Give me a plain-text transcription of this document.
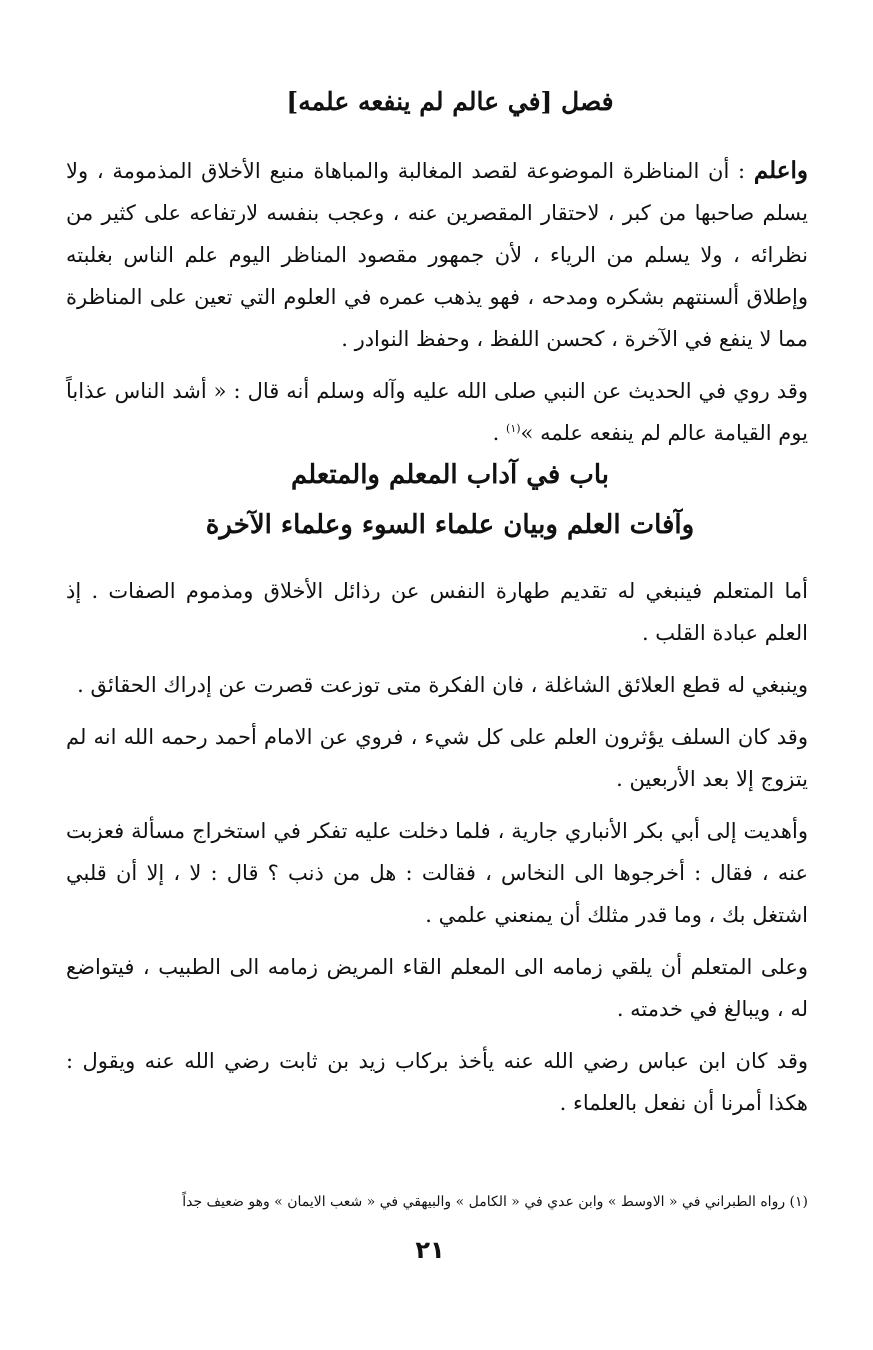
فصل [في عالم لم ينفعه علمه]

واعلم : أن المناظرة الموضوعة لقصد المغالبة والمباهاة منبع الأخلاق المذمومة ، ولا يسلم صاحبها من كبر ، لاحتقار المقصرين عنه ، وعجب بنفسه لارتفاعه على كثير من نظرائه ، ولا يسلم من الرياء ، لأن جمهور مقصود المناظر اليوم علم الناس بغلبته وإطلاق ألسنتهم بشكره ومدحه ، فهو يذهب عمره في العلوم التي تعين على المناظرة مما لا ينفع في الآخرة ، كحسن اللفظ ، وحفظ النوادر .

وقد روي في الحديث عن النبي صلى الله عليه وآله وسلم أنه قال : « أشد الناس عذاباً يوم القيامة عالم لم ينفعه علمه »$^{(١)}$ .

باب في آداب المعلم والمتعلم
وآفات العلم وبيان علماء السوء وعلماء الآخرة

أما المتعلم فينبغي له تقديم طهارة النفس عن رذائل الأخلاق ومذموم الصفات . إذ العلم عبادة القلب .

وينبغي له قطع العلائق الشاغلة ، فان الفكرة متى توزعت قصرت عن إدراك الحقائق .

وقد كان السلف يؤثرون العلم على كل شيء ، فروي عن الامام أحمد رحمه الله انه لم يتزوج إلا بعد الأربعين .

وأهديت إلى أبي بكر الأنباري جارية ، فلما دخلت عليه تفكر في استخراج مسألة فعزبت عنه ، فقال : أخرجوها الى النخاس ، فقالت : هل من ذنب ؟ قال : لا ، إلا أن قلبي اشتغل بك ، وما قدر مثلك أن يمنعني علمي .

وعلى المتعلم أن يلقي زمامه الى المعلم القاء المريض زمامه الى الطبيب ، فيتواضع له ، ويبالغ في خدمته .

وقد كان ابن عباس رضي الله عنه يأخذ بركاب زيد بن ثابت رضي الله عنه ويقول : هكذا أمرنا أن نفعل بالعلماء .

(١) رواه الطبراني في « الاوسط » وابن عدي في « الكامل » والبيهقي في « شعب الايمان » وهو ضعيف جداً
٢١
